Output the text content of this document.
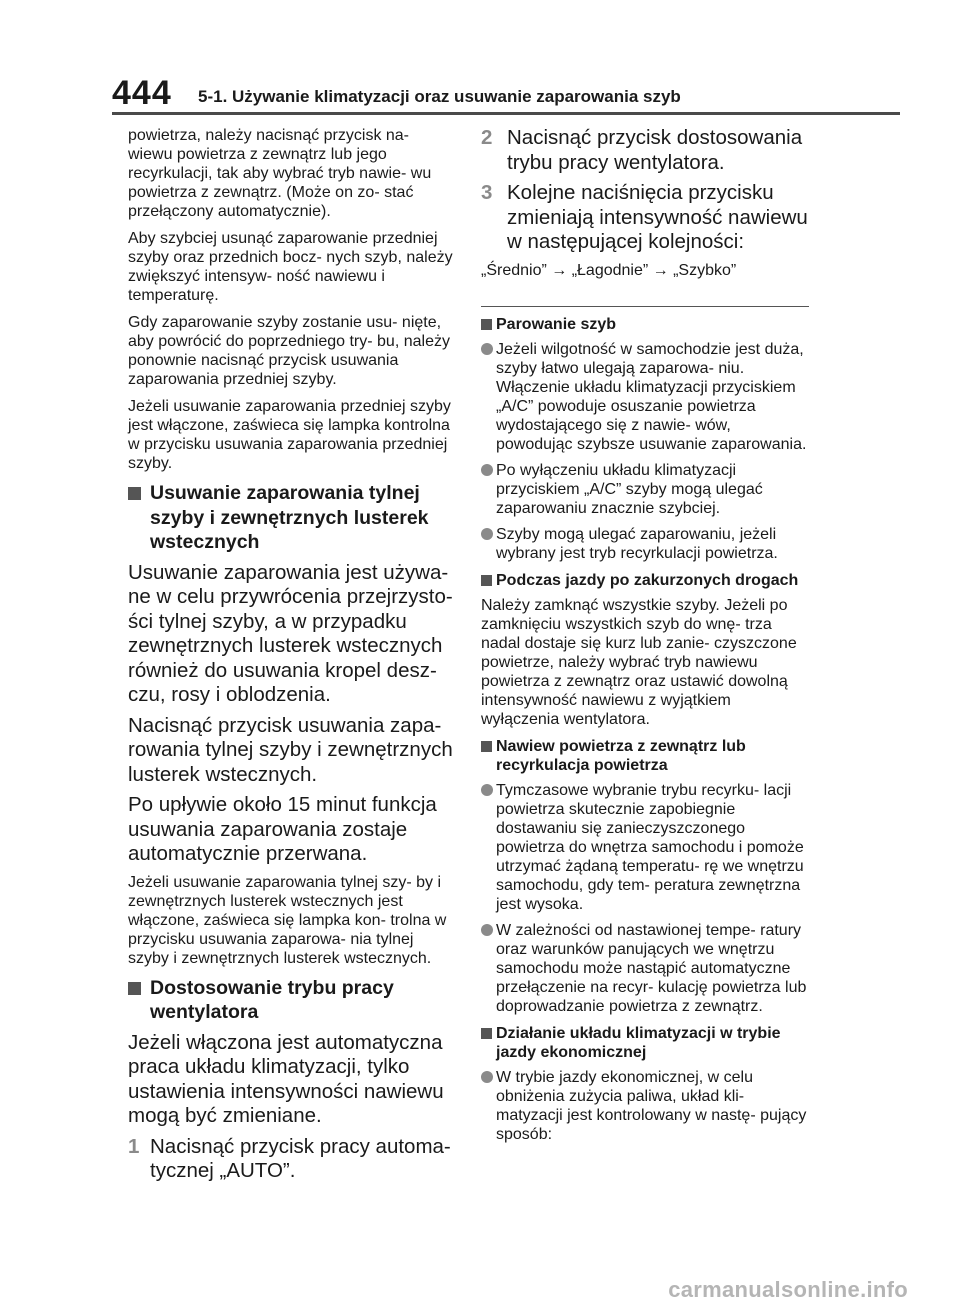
444 5-1. Używanie klimatyzacji oraz usuwanie zaparowania szyb

powietrza, należy nacisnąć przycisk na- wiewu powietrza z zewnątrz lub jego recyrkulacji, tak aby wybrać tryb nawie- wu powietrza z zewnątrz. (Może on zo- stać przełączony automatycznie).

Aby szybciej usunąć zaparowanie przedniej szyby oraz przednich bocz- nych szyb, należy zwiększyć intensyw- ność nawiewu i temperaturę.

Gdy zaparowanie szyby zostanie usu- nięte, aby powrócić do poprzedniego try- bu, należy ponownie nacisnąć przycisk usuwania zaparowania przedniej szyby.

Jeżeli usuwanie zaparowania przedniej szyby jest włączone, zaświeca się lampka kontrolna w przycisku usuwania zaparowania przedniej szyby.

Usuwanie zaparowania tylnej szyby i zewnętrznych lusterek wstecznych

Usuwanie zaparowania jest używa- ne w celu przywrócenia przejrzysto- ści tylnej szyby, a w przypadku zewnętrznych lusterek wstecznych również do usuwania kropel desz- czu, rosy i oblodzenia.

Nacisnąć przycisk usuwania zapa- rowania tylnej szyby i zewnętrznych lusterek wstecznych.

Po upływie około 15 minut funkcja usuwania zaparowania zostaje automatycznie przerwana.

Jeżeli usuwanie zaparowania tylnej szy- by i zewnętrznych lusterek wstecznych jest włączone, zaświeca się lampka kon- trolna w przycisku usuwania zaparowa- nia tylnej szyby i zewnętrznych lusterek wstecznych.

Dostosowanie trybu pracy wentylatora

Jeżeli włączona jest automatyczna praca układu klimatyzacji, tylko ustawienia intensywności nawiewu mogą być zmieniane.

1 Nacisnąć przycisk pracy automa- tycznej „AUTO”.
2 Nacisnąć przycisk dostosowania trybu pracy wentylatora.
3 Kolejne naciśnięcia przycisku zmieniają intensywność nawiewu w następującej kolejności:

„Średnio” → „Łagodnie” → „Szybko”

Parowanie szyb
Jeżeli wilgotność w samochodzie jest duża, szyby łatwo ulegają zaparowa- niu. Włączenie układu klimatyzacji przyciskiem „A/C” powoduje osuszanie powietrza wydostającego się z nawie- wów, powodując szybsze usuwanie zaparowania.
Po wyłączeniu układu klimatyzacji przyciskiem „A/C” szyby mogą ulegać zaparowaniu znacznie szybciej.
Szyby mogą ulegać zaparowaniu, jeżeli wybrany jest tryb recyrkulacji powietrza.
Podczas jazdy po zakurzonych drogach

Należy zamknąć wszystkie szyby. Jeżeli po zamknięciu wszystkich szyb do wnę- trza nadal dostaje się kurz lub zanie- czyszczone powietrze, należy wybrać tryb nawiewu powietrza z zewnątrz oraz ustawić dowolną intensywność nawiewu z wyjątkiem wyłączenia wentylatora.

Nawiew powietrza z zewnątrz lub recyrkulacja powietrza
Tymczasowe wybranie trybu recyrku- lacji powietrza skutecznie zapobiegnie dostawaniu się zanieczyszczonego powietrza do wnętrza samochodu i pomoże utrzymać żądaną temperatu- rę we wnętrzu samochodu, gdy tem- peratura zewnętrzna jest wysoka.
W zależności od nastawionej tempe- ratury oraz warunków panujących we wnętrzu samochodu może nastąpić automatyczne przełączenie na recyr- kulację powietrza lub doprowadzanie powietrza z zewnątrz.
Działanie układu klimatyzacji w trybie jazdy ekonomicznej
W trybie jazdy ekonomicznej, w celu obniżenia zużycia paliwa, układ kli- matyzacji jest kontrolowany w nastę- pujący sposób:
carmanualsonline.info
